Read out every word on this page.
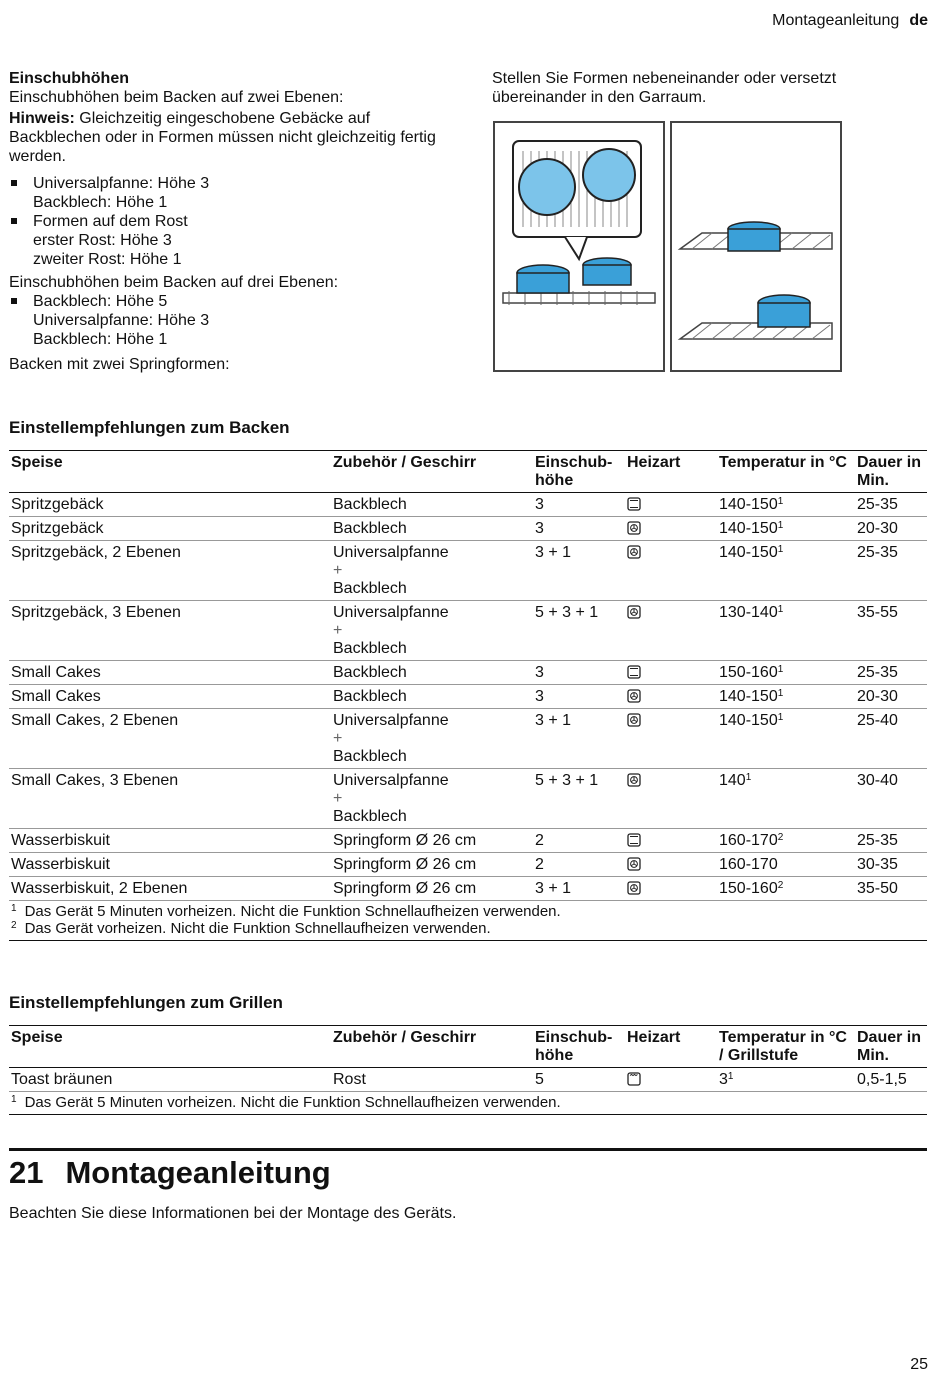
Montageanleitung de

Einschubhöhen

Einschubhöhen beim Backen auf zwei Ebenen:

Hinweis: Gleichzeitig eingeschobene Gebäcke auf Backblechen oder in Formen müssen nicht gleichzeitig fertig werden.

Universalpfanne: Höhe 3
Backblech: Höhe 1
Formen auf dem Rost
erster Rost: Höhe 3
zweiter Rost: Höhe 1

Einschubhöhen beim Backen auf drei Ebenen:

Backblech: Höhe 5
Universalpfanne: Höhe 3
Backblech: Höhe 1

Backen mit zwei Springformen:

Stellen Sie Formen nebeneinander oder versetzt übereinander in den Garraum.

Einstellempfehlungen zum Backen
Speise	Zubehör / Geschirr	Einschub-höhe	Heizart	Temperatur in °C	Dauer in Min.
Spritzgebäck	Backblech	3		$140-150^1$	25-35
Spritzgebäck	Backblech	3		$140-150^1$	20-30
Spritzgebäck, 2 Ebenen	Universalpfanne
+
Backblech	3 + 1		$140-150^1$	25-35
Spritzgebäck, 3 Ebenen	Universalpfanne
+
Backblech	5 + 3 + 1		$130-140^1$	35-55
Small Cakes	Backblech	3		$150-160^1$	25-35
Small Cakes	Backblech	3		$140-150^1$	20-30
Small Cakes, 2 Ebenen	Universalpfanne
+
Backblech	3 + 1		$140-150^1$	25-40
Small Cakes, 3 Ebenen	Universalpfanne
+
Backblech	5 + 3 + 1		$140^1$	30-40
Wasserbiskuit	Springform Ø 26 cm	2		$160-170^2$	25-35
Wasserbiskuit	Springform Ø 26 cm	2		160-170	30-35
Wasserbiskuit, 2 Ebenen	Springform Ø 26 cm	3 + 1		$150-160^2$	35-50

$^1$ Das Gerät 5 Minuten vorheizen. Nicht die Funktion Schnellaufheizen verwenden.
$^2$ Das Gerät vorheizen. Nicht die Funktion Schnellaufheizen verwenden.					
Einstellempfehlungen zum Grillen
Speise	Zubehör / Geschirr	Einschub-höhe	Heizart	Temperatur in °C / Grillstufe	Dauer in Min.
Toast bräunen	Rost	5		$3^1$	0,5-1,5

$^1$ Das Gerät 5 Minuten vorheizen. Nicht die Funktion Schnellaufheizen verwenden.					
21 Montageanleitung
Beachten Sie diese Informationen bei der Montage des Geräts.
25
